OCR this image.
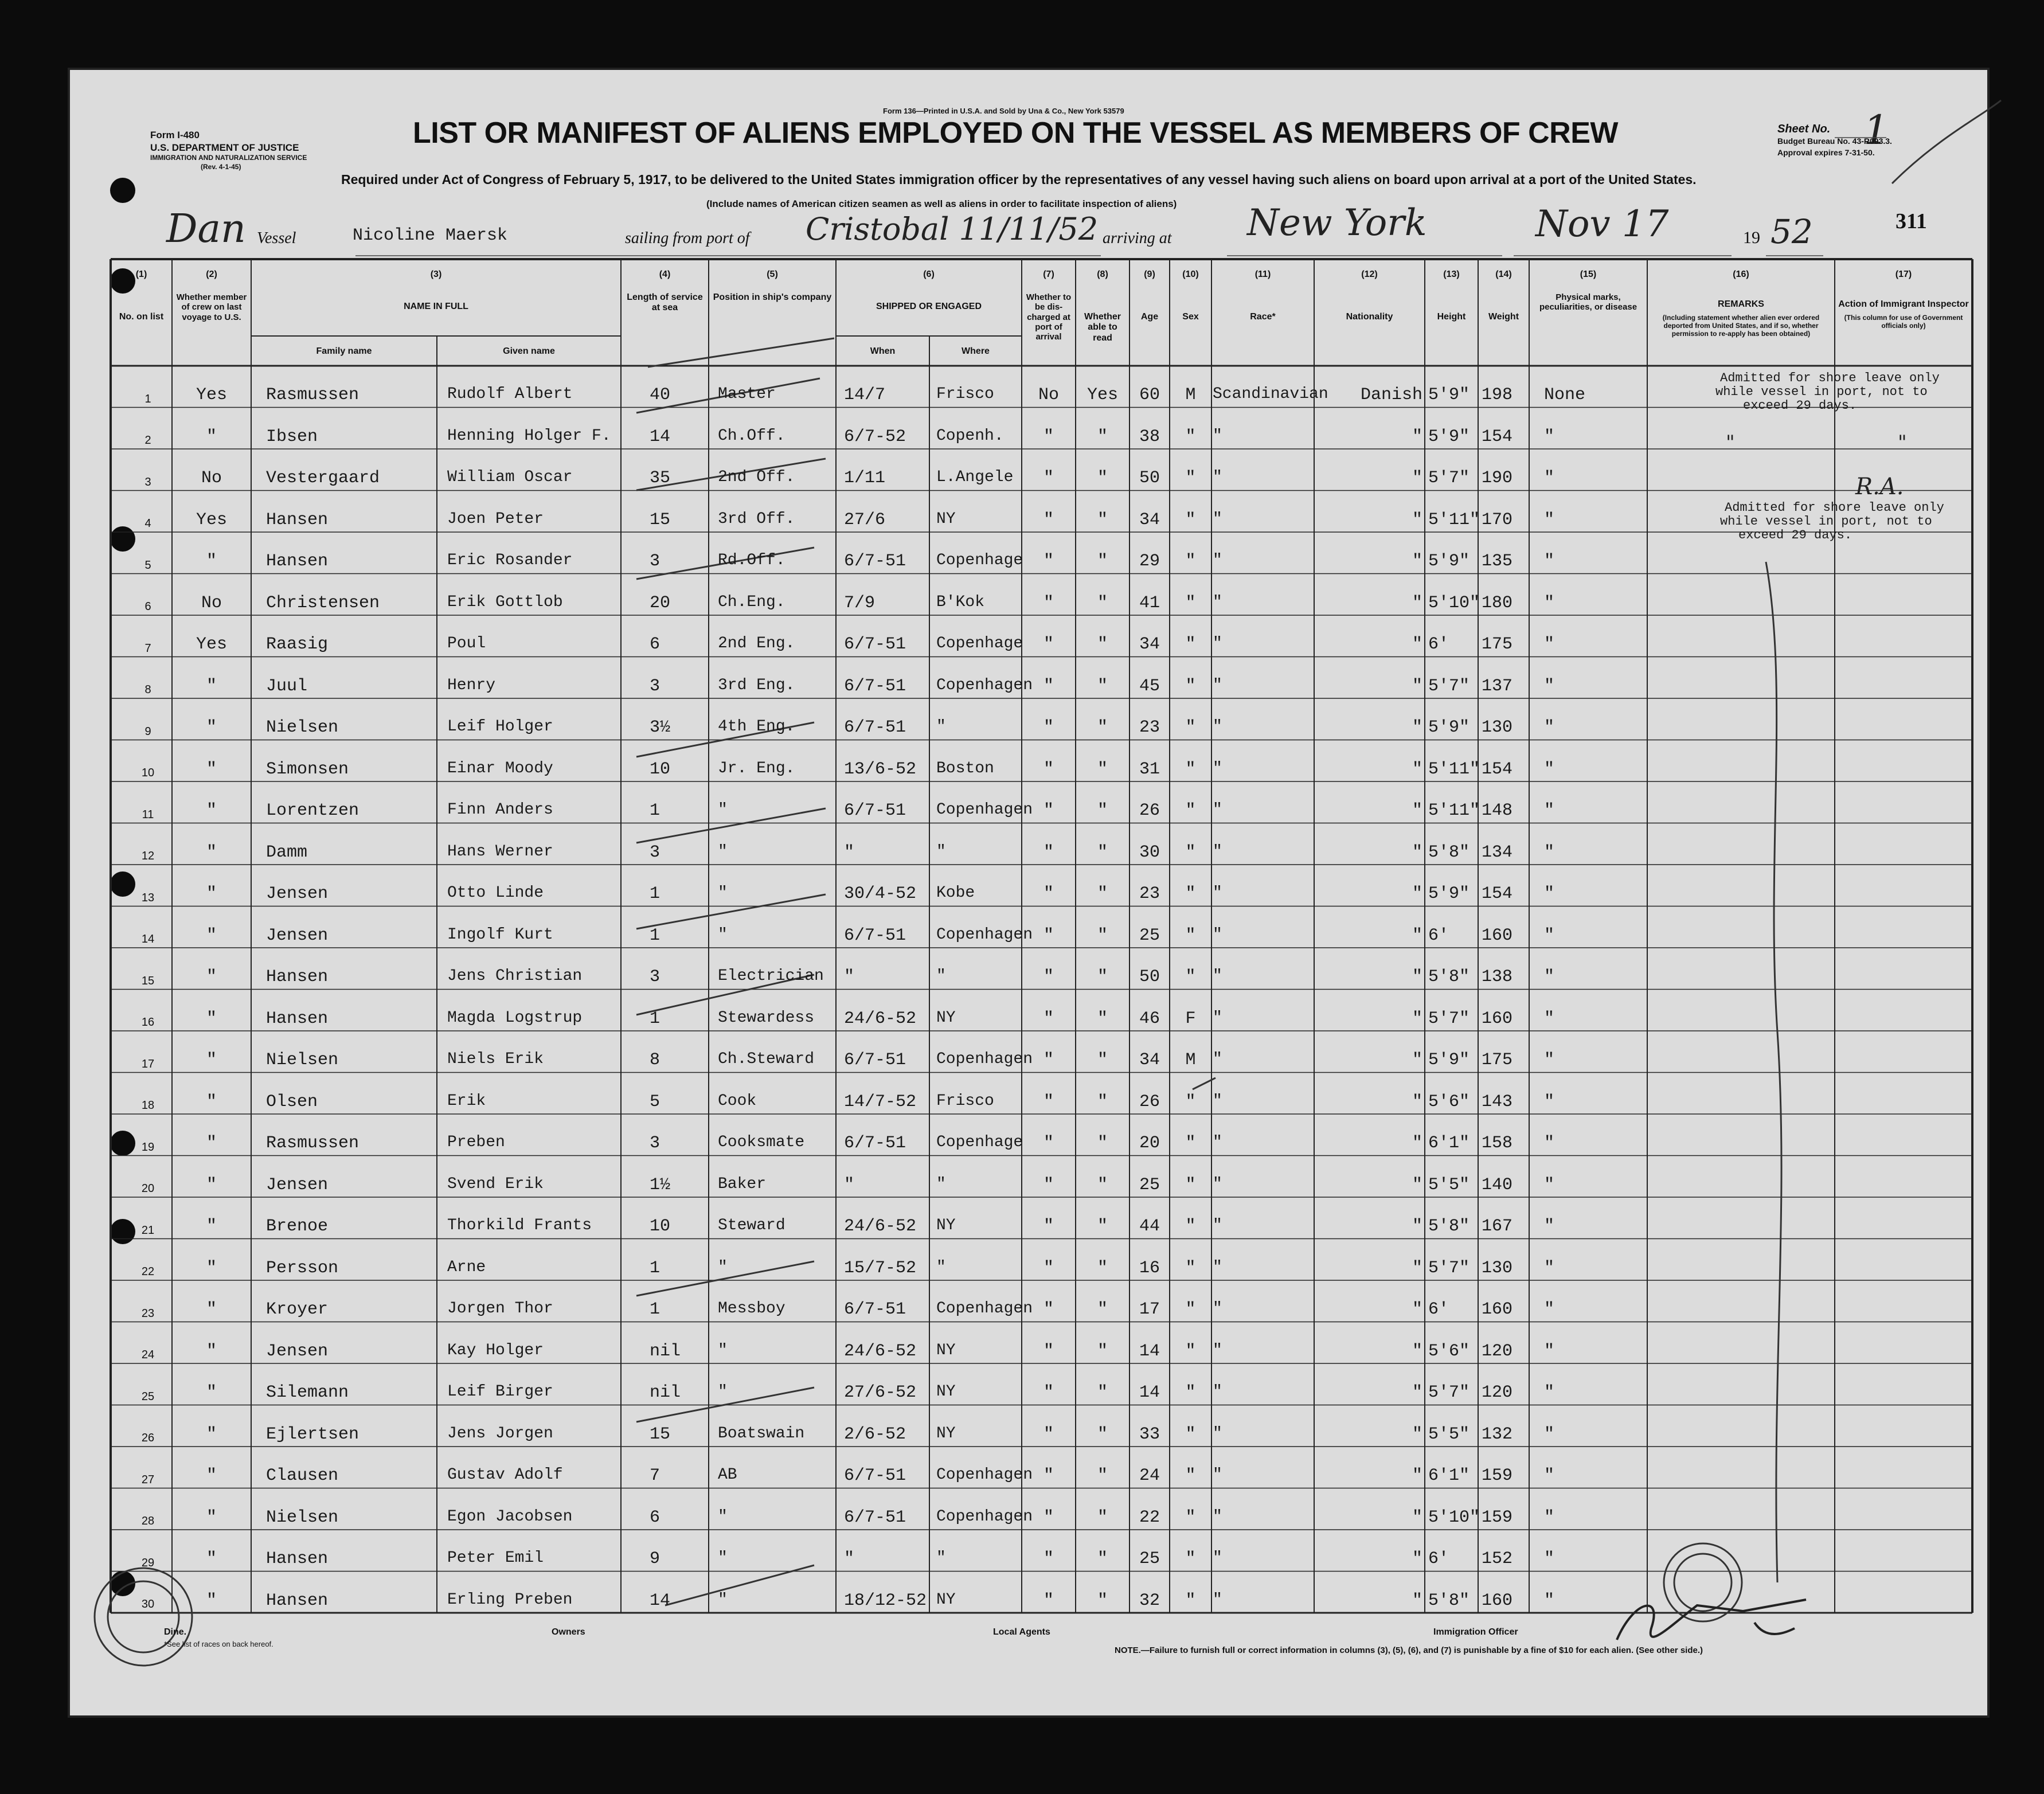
Form I-480
U.S. DEPARTMENT OF JUSTICE
IMMIGRATION AND NATURALIZATION SERVICE
(Rev. 4-1-45)
Form 136—Printed in U.S.A. and Sold by Una & Co., New York 53579
LIST OR MANIFEST OF ALIENS EMPLOYED ON THE VESSEL AS MEMBERS OF CREW
Required under Act of Congress of February 5, 1917, to be delivered to the United States immigration officer by the representatives of any vessel having such aliens on board upon arrival at a port of the United States.
(Include names of American citizen seamen as well as aliens in order to facilitate inspection of aliens)
Sheet No. 1
Budget Bureau No. 43-R093.3.
Approval expires 7-31-50.
311
Dan Vessel	Nicoline Maersk	sailing from port of Cristobal 11/11/52 arriving at New York	Nov 17	19 52
(1)
No. on list
(2)
Whether member of crew on last voyage to U.S.
(3)
NAME IN FULL
(4)
Length of service at sea
(5)
Position in ship's company
(6)
SHIPPED OR ENGAGED
(7)
Whether to be dis-charged at port of arrival
(8)
Whether able to read
(9)
Age
(10)
Sex
(11)
Race*
(12)
Nationality
(13)
Height
(14)
Weight
(15)
Physical marks, peculiarities, or disease
(16)
REMARKS
(Including statement whether alien ever ordered deported from United States, and if so, whether permission to re-apply has been obtained)
(17)
Action of Immigrant Inspector
(This column for use of Government officials only)
Family name	Given name	When	Where
1	Yes	Rasmussen	Rudolf Albert	40	Master	14/7	Frisco	No	Yes	60	M	Scandinavian	Danish 5'9" 198 None
2	"	Ibsen	Henning Holger F. 14	Ch.Off.	6/7-52 Copenh.	"	"	38	"	"	" 5'9" 154 "
3	No	Vestergaard	William Oscar	35	2nd Off.	1/11	L.Angele	"	"	50	"	"	" 5'7" 190 "
4	Yes	Hansen	Joen Peter	15	3rd Off.	27/6	NY	"	"	34	"	"	" 5'11" 170 "
5	"	Hansen	Eric Rosander	3	Rd.Off.	6/7-51 Copenhage	"	"	29	"	"	" 5'9" 135 "
6	No	Christensen	Erik Gottlob	20	Ch.Eng.	7/9	B'Kok	"	"	41	"	"	" 5'10" 180 "
7	Yes	Raasig	Poul	6	2nd Eng.	6/7-51 Copenhage	"	"	34	"	"	" 6' 175 "
8	"	Juul	Henry	3	3rd Eng.	6/7-51 Copenhagen "	"	45	"	"	" 5'7" 137 "
9	"	Nielsen	Leif Holger	3½	4th Eng.	6/7-51 "	"	"	23	"	"	" 5'9" 130 "
10	"	Simonsen	Einar Moody	10	Jr. Eng.	13/6-52 Boston	"	"	31	"	"	" 5'11" 154 "
11	"	Lorentzen	Finn Anders	1	"	6/7-51 Copenhagen "	"	26	"	"	" 5'11" 148 "
12	"	Damm	Hans Werner	3	"	"	"	"	"	30	"	"	" 5'8" 134 "
13	"	Jensen	Otto Linde	1	"	30/4-52 Kobe	"	"	23	"	"	" 5'9" 154 "
14	"	Jensen	Ingolf Kurt	1	"	6/7-51 Copenhagen "	"	25	"	"	" 6' 160 "
15	"	Hansen	Jens Christian	3	Electrician "	"	"	"	50	"	"	" 5'8" 138 "
16	"	Hansen	Magda Logstrup	1	Stewardess 24/6-52 NY	"	"	46	F	"	" 5'7" 160 "
17	"	Nielsen	Niels Erik	8	Ch.Steward 6/7-51 Copenhagen "	"	34	M	"	" 5'9" 175 "
18	"	Olsen	Erik	5	Cook	14/7-52 Frisco	"	"	26	"	"	" 5'6" 143 "
19	"	Rasmussen	Preben	3	Cooksmate 6/7-51 Copenhage	"	"	20	"	"	" 6'1" 158 "
20	"	Jensen	Svend Erik	1½	Baker	"	"	"	"	25	"	"	" 5'5" 140 "
21	"	Brenoe	Thorkild Frants	10	Steward	24/6-52 NY	"	"	44	"	"	" 5'8" 167 "
22	"	Persson	Arne	1	"	15/7-52 "	"	"	16	"	"	" 5'7" 130 "
23	"	Kroyer	Jorgen Thor	1	Messboy	6/7-51 Copenhagen "	"	17	"	"	" 6' 160 "
24	"	Jensen	Kay Holger	nil "	24/6-52 NY	"	"	14	"	"	" 5'6" 120 "
25	"	Silemann	Leif Birger	nil "	27/6-52 NY	"	"	14	"	"	" 5'7" 120 "
26	"	Ejlertsen	Jens Jorgen	15	Boatswain 2/6-52 NY	"	"	33	"	"	" 5'5" 132 "
27	"	Clausen	Gustav Adolf	7	AB	6/7-51 Copenhagen "	"	24	"	"	" 6'1" 159 "
28	"	Nielsen	Egon Jacobsen	6	"	6/7-51 Copenhagen "	"	22	"	"	" 5'10" 159 "
29	"	Hansen	Peter Emil	9	"	"	"	"	"	25	"	"	" 6' 152 "
30	"	Hansen	Erling Preben	14	"	18/12-52 NY	"	"	32	"	"	" 5'8" 160 "
Admitted for shore leave only
while vessel in port, not to
exceed 29 days.
"	"
R.A.
Admitted for shore leave only
while vessel in port, not to
exceed 29 days.
Dine.
*See list of races on back hereof.
Owners	Local Agents	Immigration Officer
NOTE.—Failure to furnish full or correct information in columns (3), (5), (6), and (7) is punishable by a fine of $10 for each alien. (See other side.)
